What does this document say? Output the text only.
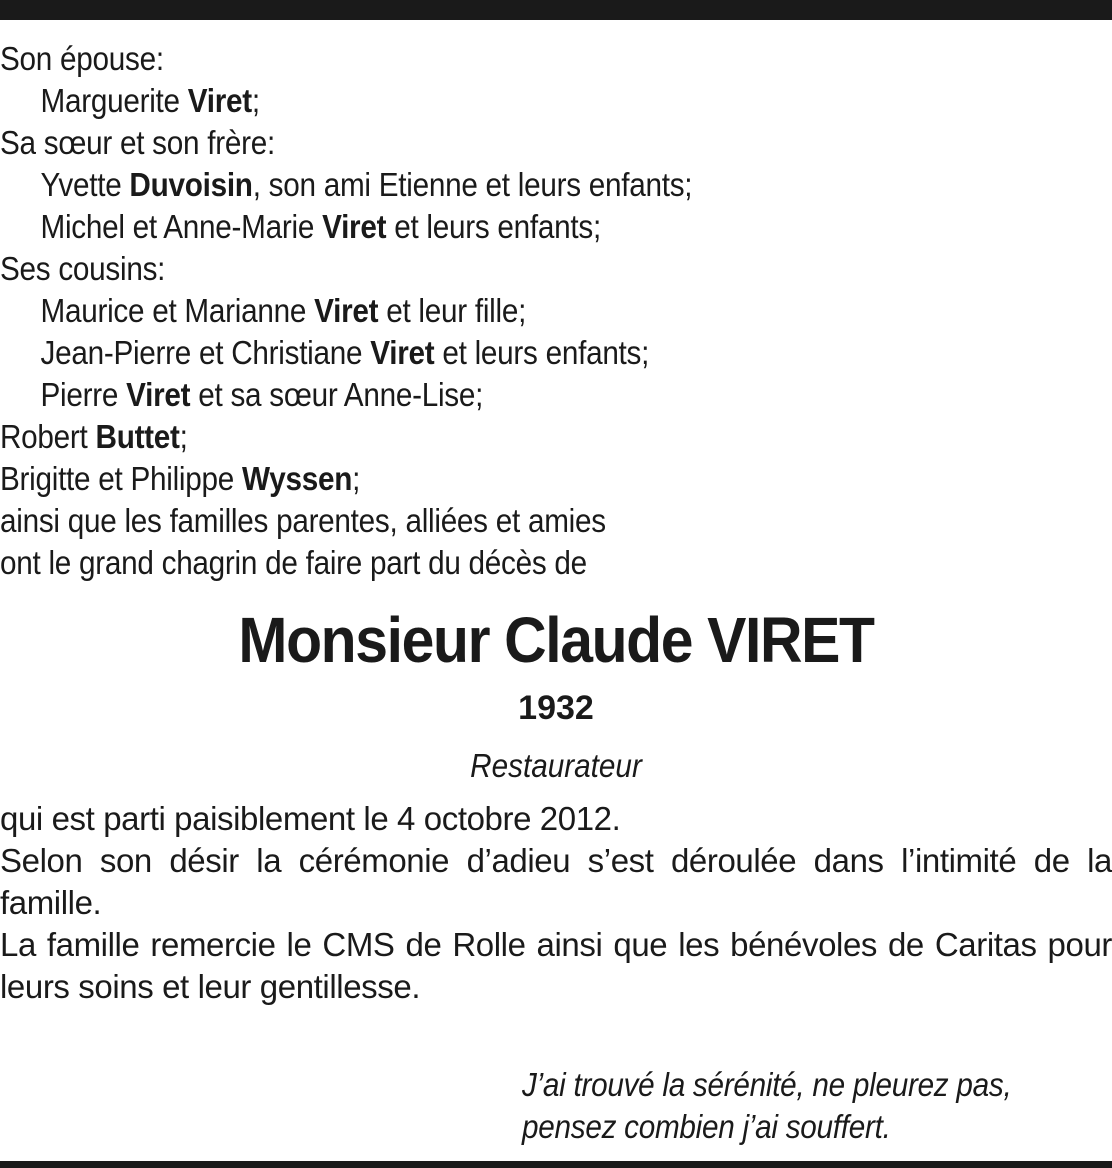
Son épouse:
Marguerite Viret;
Sa sœur et son frère:
Yvette Duvoisin, son ami Etienne et leurs enfants;
Michel et Anne-Marie Viret et leurs enfants;
Ses cousins:
Maurice et Marianne Viret et leur fille;
Jean-Pierre et Christiane Viret et leurs enfants;
Pierre Viret et sa sœur Anne-Lise;
Robert Buttet;
Brigitte et Philippe Wyssen;
ainsi que les familles parentes, alliées et amies
ont le grand chagrin de faire part du décès de
Monsieur Claude VIRET
1932
Restaurateur

qui est parti paisiblement le 4 octobre 2012.

Selon son désir la cérémonie d’adieu s’est déroulée dans l’intimité de la famille.

La famille remercie le CMS de Rolle ainsi que les bénévoles de Caritas pour leurs soins et leur gentillesse.

J’ai trouvé la sérénité, ne pleurez pas,
pensez combien j’ai souffert.
